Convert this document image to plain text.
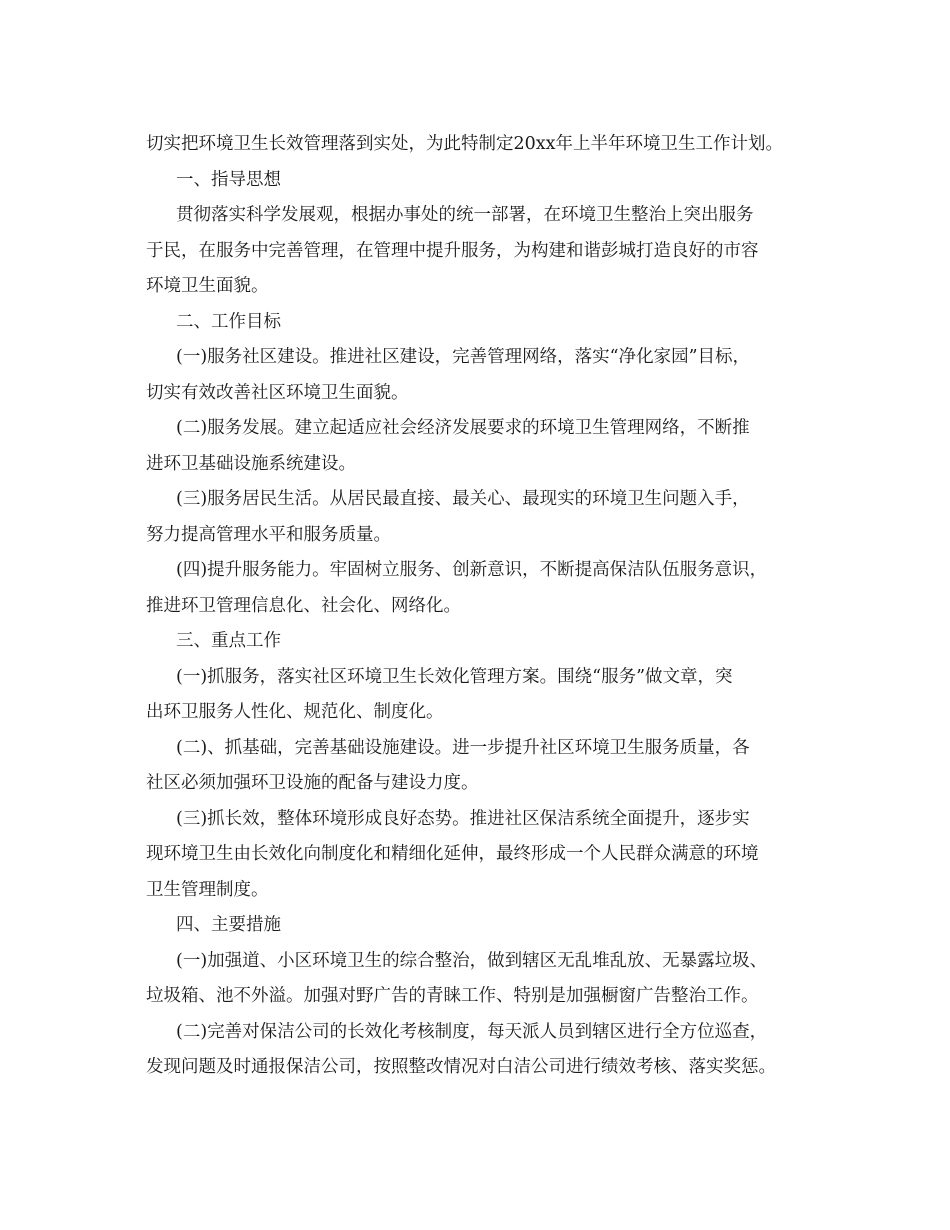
切实把环境卫生长效管理落到实处，为此特制定20xx年上半年环境卫生工作计划。
一、指导思想
贯彻落实科学发展观，根据办事处的统一部署，在环境卫生整治上突出服务
于民，在服务中完善管理，在管理中提升服务，为构建和谐彭城打造良好的市容
环境卫生面貌。
二、工作目标
(一)服务社区建设。推进社区建设，完善管理网络，落实“净化家园”目标，
切实有效改善社区环境卫生面貌。
(二)服务发展。建立起适应社会经济发展要求的环境卫生管理网络，不断推
进环卫基础设施系统建设。
(三)服务居民生活。从居民最直接、最关心、最现实的环境卫生问题入手，
努力提高管理水平和服务质量。
(四)提升服务能力。牢固树立服务、创新意识，不断提高保洁队伍服务意识，
推进环卫管理信息化、社会化、网络化。
三、重点工作
(一)抓服务，落实社区环境卫生长效化管理方案。围绕“服务”做文章，突
出环卫服务人性化、规范化、制度化。
(二)、抓基础，完善基础设施建设。进一步提升社区环境卫生服务质量，各
社区必须加强环卫设施的配备与建设力度。
(三)抓长效，整体环境形成良好态势。推进社区保洁系统全面提升，逐步实
现环境卫生由长效化向制度化和精细化延伸，最终形成一个人民群众满意的环境
卫生管理制度。
四、主要措施
(一)加强道、小区环境卫生的综合整治，做到辖区无乱堆乱放、无暴露垃圾、
垃圾箱、池不外溢。加强对野广告的青睐工作、特别是加强橱窗广告整治工作。
(二)完善对保洁公司的长效化考核制度，每天派人员到辖区进行全方位巡查，
发现问题及时通报保洁公司，按照整改情况对白洁公司进行绩效考核、落实奖惩。
